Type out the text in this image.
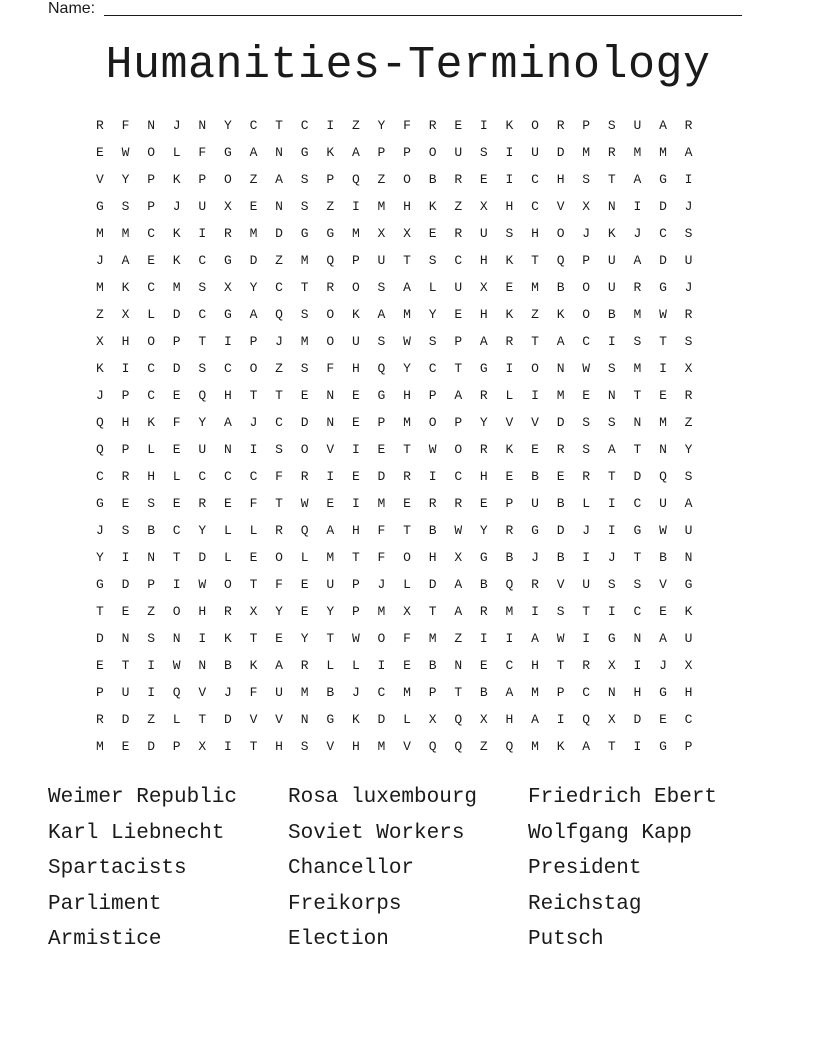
Name:
Humanities-Terminology
R	F	N	J	N	Y	C	T	C	I	Z	Y	F	R	E	I	K	O	R	P	S	U	A	R
E	W	O	L	F	G	A	N	G	K	A	P	P	O	U	S	I	U	D	M	R	M	M	A
V	Y	P	K	P	O	Z	A	S	P	Q	Z	O	B	R	E	I	C	H	S	T	A	G	I
G	S	P	J	U	X	E	N	S	Z	I	M	H	K	Z	X	H	C	V	X	N	I	D	J
M	M	C	K	I	R	M	D	G	G	M	X	X	E	R	U	S	H	O	J	K	J	C	S
J	A	E	K	C	G	D	Z	M	Q	P	U	T	S	C	H	K	T	Q	P	U	A	D	U
M	K	C	M	S	X	Y	C	T	R	O	S	A	L	U	X	E	M	B	O	U	R	G	J
Z	X	L	D	C	G	A	Q	S	O	K	A	M	Y	E	H	K	Z	K	O	B	M	W	R
X	H	O	P	T	I	P	J	M	O	U	S	W	S	P	A	R	T	A	C	I	S	T	S
K	I	C	D	S	C	O	Z	S	F	H	Q	Y	C	T	G	I	O	N	W	S	M	I	X
J	P	C	E	Q	H	T	T	E	N	E	G	H	P	A	R	L	I	M	E	N	T	E	R
Q	H	K	F	Y	A	J	C	D	N	E	P	M	O	P	Y	V	V	D	S	S	N	M	Z
Q	P	L	E	U	N	I	S	O	V	I	E	T	W	O	R	K	E	R	S	A	T	N	Y
C	R	H	L	C	C	C	F	R	I	E	D	R	I	C	H	E	B	E	R	T	D	Q	S
G	E	S	E	R	E	F	T	W	E	I	M	E	R	R	E	P	U	B	L	I	C	U	A
J	S	B	C	Y	L	L	R	Q	A	H	F	T	B	W	Y	R	G	D	J	I	G	W	U
Y	I	N	T	D	L	E	O	L	M	T	F	O	H	X	G	B	J	B	I	J	T	B	N
G	D	P	I	W	O	T	F	E	U	P	J	L	D	A	B	Q	R	V	U	S	S	V	G
T	E	Z	O	H	R	X	Y	E	Y	P	M	X	T	A	R	M	I	S	T	I	C	E	K
D	N	S	N	I	K	T	E	Y	T	W	O	F	M	Z	I	I	A	W	I	G	N	A	U
E	T	I	W	N	B	K	A	R	L	L	I	E	B	N	E	C	H	T	R	X	I	J	X
P	U	I	Q	V	J	F	U	M	B	J	C	M	P	T	B	A	M	P	C	N	H	G	H
R	D	Z	L	T	D	V	V	N	G	K	D	L	X	Q	X	H	A	I	Q	X	D	E	C
M	E	D	P	X	I	T	H	S	V	H	M	V	Q	Q	Z	Q	M	K	A	T	I	G	P
Weimer Republic	Rosa luxembourg	Friedrich Ebert
Karl Liebnecht	Soviet Workers	Wolfgang Kapp
Spartacists	Chancellor	President
Parliment	Freikorps	Reichstag
Armistice	Election	Putsch
